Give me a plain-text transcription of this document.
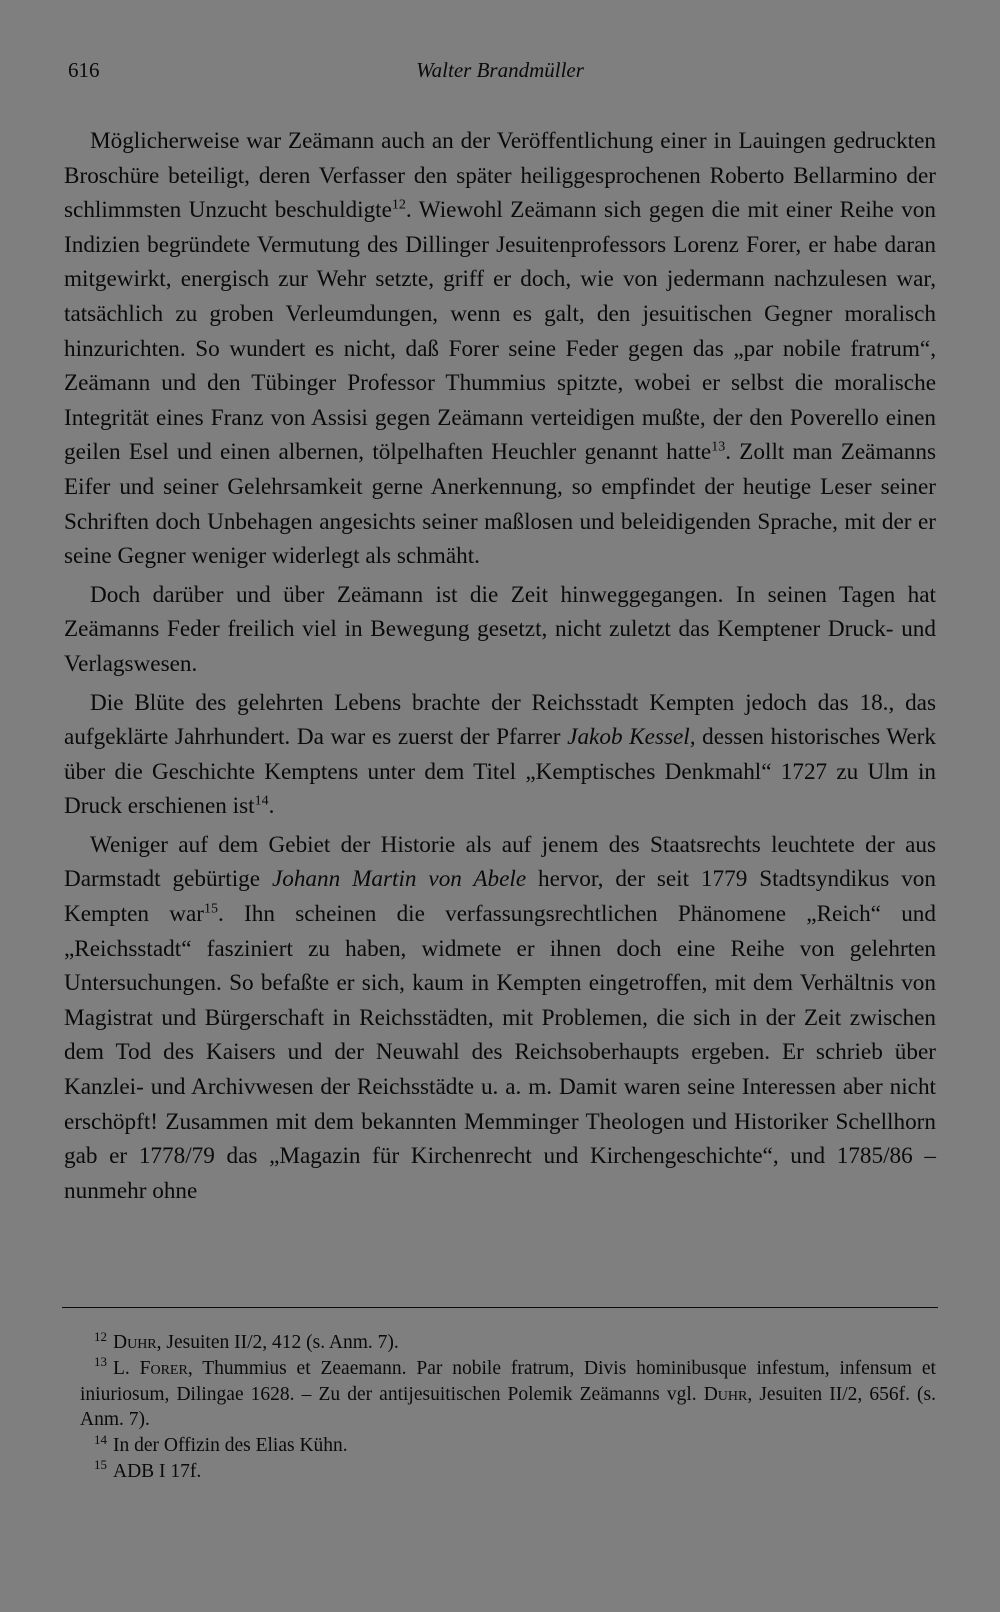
616	Walter Brandmüller

Möglicherweise war Zeämann auch an der Veröffentlichung einer in Lauingen gedruckten Broschüre beteiligt, deren Verfasser den später heiliggesprochenen Roberto Bellarmino der schlimmsten Unzucht beschuldigte$^{12}$. Wiewohl Zeämann sich gegen die mit einer Reihe von Indizien begründete Vermutung des Dillinger Jesuitenprofessors Lorenz Forer, er habe daran mitgewirkt, energisch zur Wehr setzte, griff er doch, wie von jedermann nachzulesen war, tatsächlich zu groben Verleumdungen, wenn es galt, den jesuitischen Gegner moralisch hinzurichten. So wundert es nicht, daß Forer seine Feder gegen das „par nobile fratrum“, Zeämann und den Tübinger Professor Thummius spitzte, wobei er selbst die moralische Integrität eines Franz von Assisi gegen Zeämann verteidigen mußte, der den Poverello einen geilen Esel und einen albernen, tölpelhaften Heuchler genannt hatte$^{13}$. Zollt man Zeämanns Eifer und seiner Gelehrsamkeit gerne Anerkennung, so empfindet der heutige Leser seiner Schriften doch Unbehagen angesichts seiner maßlosen und beleidigenden Sprache, mit der er seine Gegner weniger widerlegt als schmäht.

Doch darüber und über Zeämann ist die Zeit hinweggegangen. In seinen Tagen hat Zeämanns Feder freilich viel in Bewegung gesetzt, nicht zuletzt das Kemptener Druck- und Verlagswesen.

Die Blüte des gelehrten Lebens brachte der Reichsstadt Kempten jedoch das 18., das aufgeklärte Jahrhundert. Da war es zuerst der Pfarrer Jakob Kessel, dessen historisches Werk über die Geschichte Kemptens unter dem Titel „Kemptisches Denkmahl“ 1727 zu Ulm in Druck erschienen ist$^{14}$.

Weniger auf dem Gebiet der Historie als auf jenem des Staatsrechts leuchtete der aus Darmstadt gebürtige Johann Martin von Abele hervor, der seit 1779 Stadtsyndikus von Kempten war$^{15}$. Ihn scheinen die verfassungsrechtlichen Phänomene „Reich“ und „Reichsstadt“ fasziniert zu haben, widmete er ihnen doch eine Reihe von gelehrten Untersuchungen. So befaßte er sich, kaum in Kempten eingetroffen, mit dem Verhältnis von Magistrat und Bürgerschaft in Reichsstädten, mit Problemen, die sich in der Zeit zwischen dem Tod des Kaisers und der Neuwahl des Reichsoberhaupts ergeben. Er schrieb über Kanzlei- und Archivwesen der Reichsstädte u. a. m. Damit waren seine Interessen aber nicht erschöpft! Zusammen mit dem bekannten Memminger Theologen und Historiker Schellhorn gab er 1778/79 das „Magazin für Kirchenrecht und Kirchengeschichte“, und 1785/86 – nunmehr ohne

$^{12}$ Duhr, Jesuiten II/2, 412 (s. Anm. 7).

$^{13}$ L. Forer, Thummius et Zeaemann. Par nobile fratrum, Divis hominibusque infestum, infensum et iniuriosum, Dilingae 1628. – Zu der antijesuitischen Polemik Zeämanns vgl. Duhr, Jesuiten II/2, 656f. (s. Anm. 7).

$^{14}$ In der Offizin des Elias Kühn.

$^{15}$ ADB I 17f.
